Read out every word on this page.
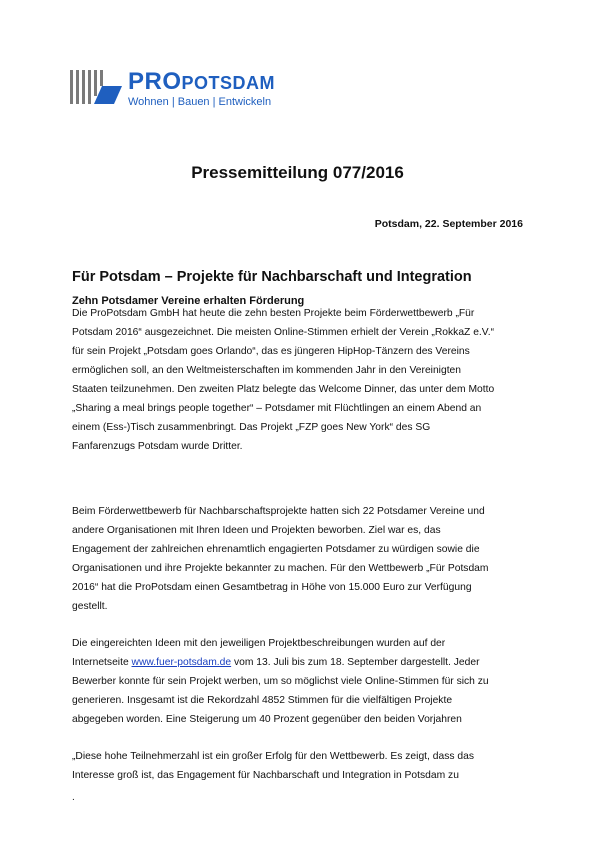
PROPOTSDAM
Wohnen | Bauen | Entwickeln
Pressemitteilung 077/2016
Potsdam, 22. September 2016
Für Potsdam – Projekte für Nachbarschaft und Integration
Zehn Potsdamer Vereine erhalten Förderung
Die ProPotsdam GmbH hat heute die zehn besten Projekte beim Förderwettbewerb „Für
Potsdam 2016“ ausgezeichnet. Die meisten Online-Stimmen erhielt der Verein „RokkaZ e.V.“
für sein Projekt „Potsdam goes Orlando“, das es jüngeren HipHop-Tänzern des Vereins
ermöglichen soll, an den Weltmeisterschaften im kommenden Jahr in den Vereinigten
Staaten teilzunehmen. Den zweiten Platz belegte das Welcome Dinner, das unter dem Motto
„Sharing a meal brings people together“ – Potsdamer mit Flüchtlingen an einem Abend an
einem (Ess-)Tisch zusammenbringt. Das Projekt „FZP goes New York“ des SG
Fanfarenzugs Potsdam wurde Dritter.
Beim Förderwettbewerb für Nachbarschaftsprojekte hatten sich 22 Potsdamer Vereine und
andere Organisationen mit Ihren Ideen und Projekten beworben. Ziel war es, das
Engagement der zahlreichen ehrenamtlich engagierten Potsdamer zu würdigen sowie die
Organisationen und ihre Projekte bekannter zu machen. Für den Wettbewerb „Für Potsdam
2016“ hat die ProPotsdam einen Gesamtbetrag in Höhe von 15.000 Euro zur Verfügung
gestellt.
Die eingereichten Ideen mit den jeweiligen Projektbeschreibungen wurden auf der
Internetseite www.fuer-potsdam.de vom 13. Juli bis zum 18. September dargestellt. Jeder
Bewerber konnte für sein Projekt werben, um so möglichst viele Online-Stimmen für sich zu
generieren. Insgesamt ist die Rekordzahl 4852 Stimmen für die vielfältigen Projekte
abgegeben worden. Eine Steigerung um 40 Prozent gegenüber den beiden Vorjahren
„Diese hohe Teilnehmerzahl ist ein großer Erfolg für den Wettbewerb. Es zeigt, dass das
Interesse groß ist, das Engagement für Nachbarschaft und Integration in Potsdam zu
.
